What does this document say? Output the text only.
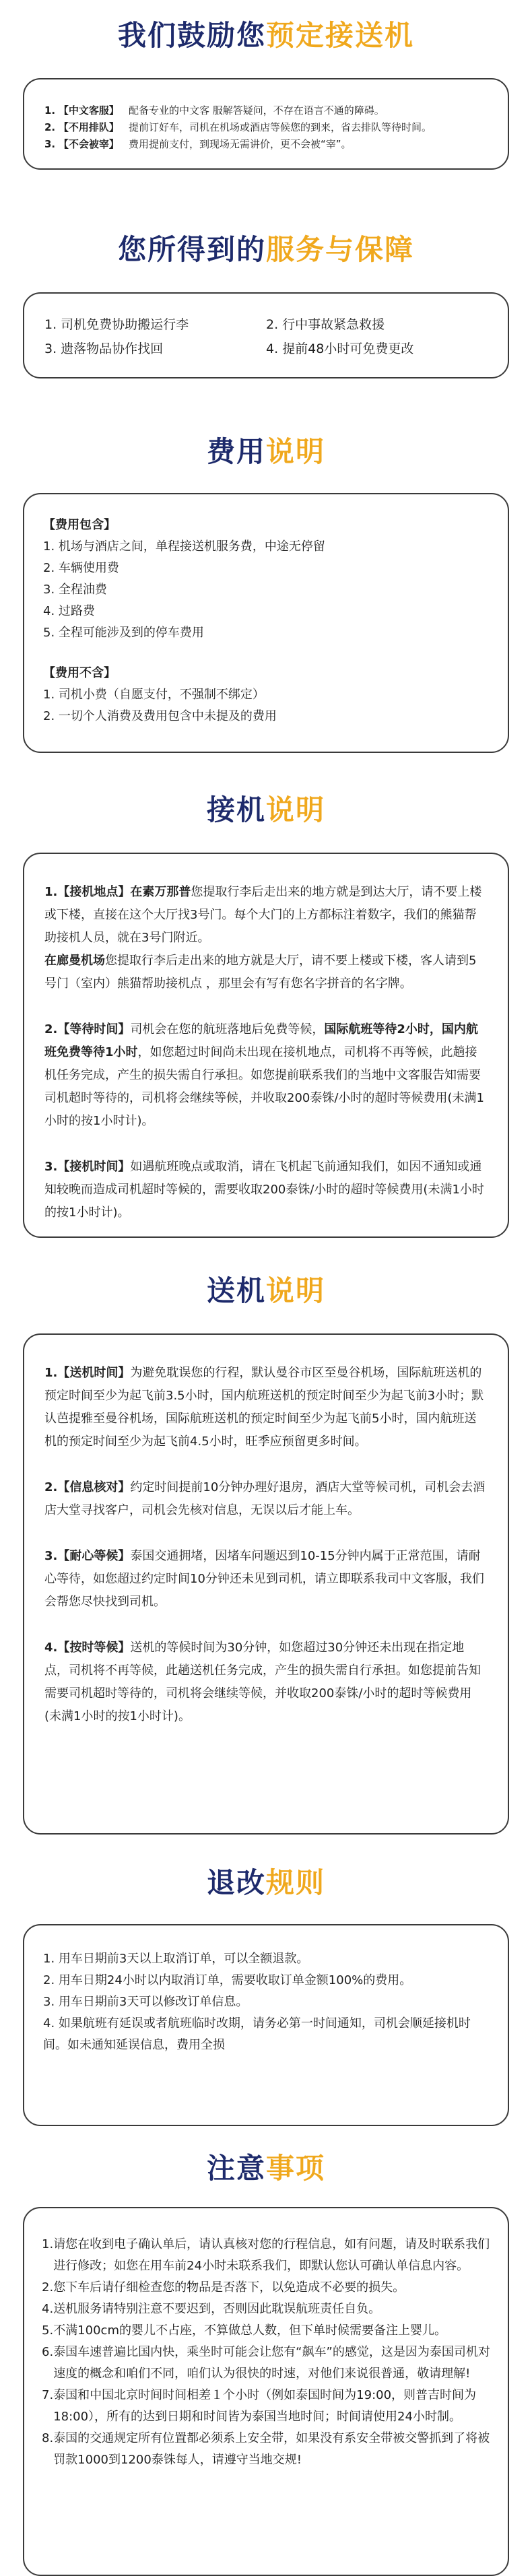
我们鼓励您预定接送机
1. 【中文客服】 配备专业的中文客 服解答疑问，不存在语言不通的障碍。
2. 【不用排队】 提前订好车，司机在机场或酒店等候您的到来，省去排队等待时间。
3. 【不会被宰】 费用提前支付，到现场无需讲价，更不会被“宰”。
您所得到的服务与保障
1. 司机免费协助搬运行李	2. 行中事故紧急救援
3. 遗落物品协作找回	4. 提前48小时可免费更改
费用说明
【费用包含】
1. 机场与酒店之间，单程接送机服务费，中途无停留
2. 车辆使用费
3. 全程油费
4. 过路费
5. 全程可能涉及到的停车费用
【费用不含】
1. 司机小费（自愿支付，不强制不绑定）
2. 一切个人消费及费用包含中未提及的费用
接机说明

1.【接机地点】在素万那普您提取行李后走出来的地方就是到达大厅，请不要上楼或下楼，直接在这个大厅找3号门。每个大门的上方都标注着数字，我们的熊猫帮助接机人员，就在3号门附近。
在廊曼机场您提取行李后走出来的地方就是大厅，请不要上楼或下楼，客人请到5号门（室内）熊猫帮助接机点 ，那里会有写有您名字拼音的名字牌。

2.【等待时间】司机会在您的航班落地后免费等候，国际航班等待2小时，国内航班免费等待1小时，如您超过时间尚未出现在接机地点，司机将不再等候，此趟接机任务完成，产生的损失需自行承担。如您提前联系我们的当地中文客服告知需要司机超时等待的，司机将会继续等候，并收取200泰铢/小时的超时等候费用(未满1小时的按1小时计)。

3.【接机时间】如遇航班晚点或取消，请在飞机起飞前通知我们，如因不通知或通知较晚而造成司机超时等候的，需要收取200泰铢/小时的超时等候费用(未满1小时的按1小时计)。

送机说明

1.【送机时间】为避免耽误您的行程，默认曼谷市区至曼谷机场，国际航班送机的预定时间至少为起飞前3.5小时，国内航班送机的预定时间至少为起飞前3小时；默认芭提雅至曼谷机场，国际航班送机的预定时间至少为起飞前5小时，国内航班送机的预定时间至少为起飞前4.5小时，旺季应预留更多时间。

2.【信息核对】约定时间提前10分钟办理好退房，酒店大堂等候司机，司机会去酒店大堂寻找客户，司机会先核对信息，无误以后才能上车。

3.【耐心等候】泰国交通拥堵，因堵车问题迟到10-15分钟内属于正常范围，请耐心等待，如您超过约定时间10分钟还未见到司机，请立即联系我司中文客服，我们会帮您尽快找到司机。

4.【按时等候】送机的等候时间为30分钟，如您超过30分钟还未出现在指定地点，司机将不再等候，此趟送机任务完成，产生的损失需自行承担。如您提前告知需要司机超时等待的，司机将会继续等候，并收取200泰铢/小时的超时等候费用(未满1小时的按1小时计)。

退改规则
1. 用车日期前3天以上取消订单，可以全额退款。
2. 用车日期24小时以内取消订单，需要收取订单金额100%的费用。
3. 用车日期前3天可以修改订单信息。
4. 如果航班有延误或者航班临时改期，请务必第一时间通知，司机会顺延接机时间。如未通知延误信息，费用全损
注意事项
1. 请您在收到电子确认单后，请认真核对您的行程信息，如有问题，请及时联系我们进行修改；如您在用车前24小时未联系我们，即默认您认可确认单信息内容。
2. 您下车后请仔细检查您的物品是否落下，以免造成不必要的损失。
4. 送机服务请特别注意不要迟到，否则因此耽误航班责任自负。
5. 不满100cm的婴儿不占座，不算做总人数，但下单时候需要备注上婴儿。
6. 泰国车速普遍比国内快，乘坐时可能会让您有“飙车”的感觉，这是因为泰国司机对速度的概念和咱们不同，咱们认为很快的时速，对他们来说很普通，敬请理解!
7. 泰国和中国北京时间时间相差１个小时（例如泰国时间为19:00，则普吉时间为18:00），所有的达到日期和时间皆为泰国当地时间；时间请使用24小时制。
8. 泰国的交通规定所有位置都必须系上安全带，如果没有系安全带被交警抓到了将被罚款1000到1200泰铢每人，请遵守当地交规!
